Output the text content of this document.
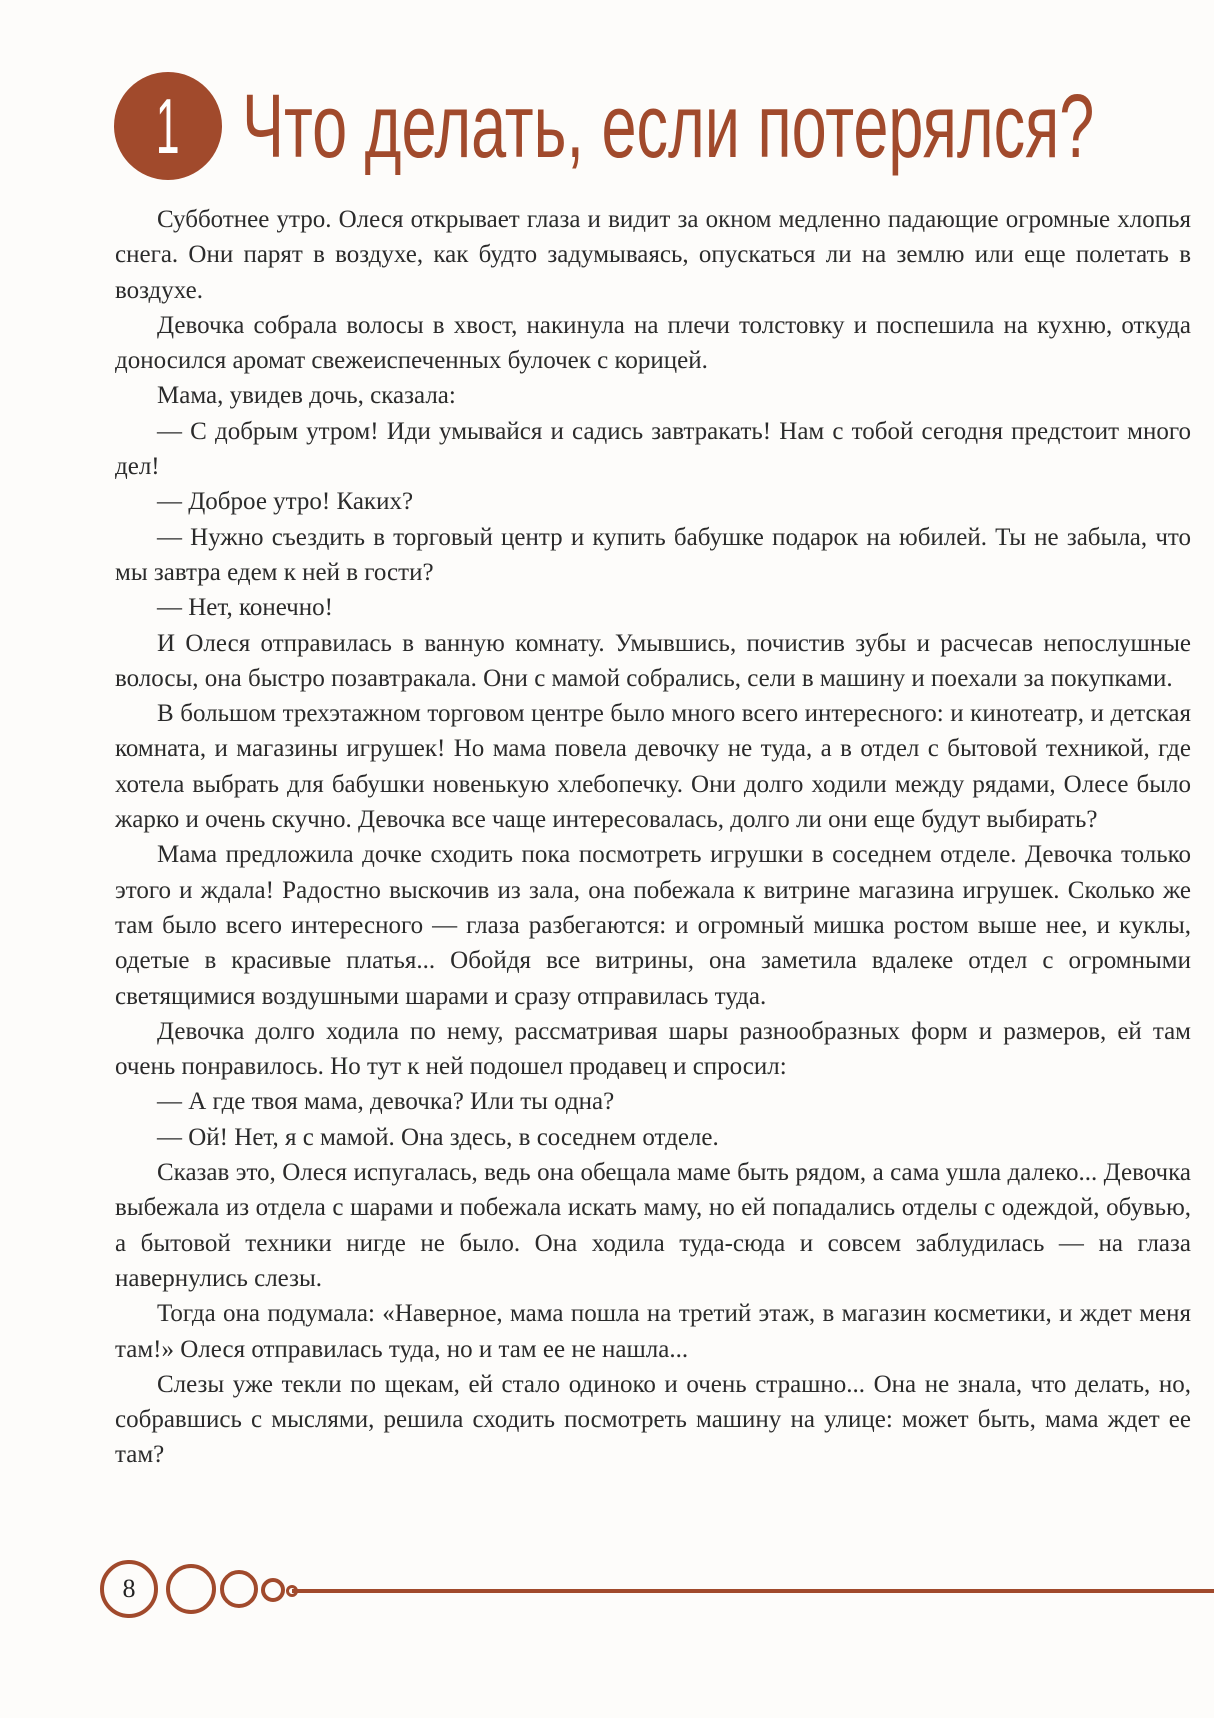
1 Что делать, если потерялся?

Субботнее утро. Олеся открывает глаза и видит за окном медленно падающие огромные хлопья снега. Они парят в воздухе, как будто задумываясь, опускаться ли на землю или еще полетать в воздухе.

Девочка собрала волосы в хвост, накинула на плечи толстовку и поспешила на кухню, откуда доносился аромат свежеиспеченных булочек с корицей.

Мама, увидев дочь, сказала:

— С добрым утром! Иди умывайся и садись завтракать! Нам с тобой сегодня предстоит много дел!

— Доброе утро! Каких?

— Нужно съездить в торговый центр и купить бабушке подарок на юбилей. Ты не забыла, что мы завтра едем к ней в гости?

— Нет, конечно!

И Олеся отправилась в ванную комнату. Умывшись, почистив зубы и расчесав непослушные волосы, она быстро позавтракала. Они с мамой собрались, сели в машину и поехали за покупками.

В большом трехэтажном торговом центре было много всего интересного: и кинотеатр, и детская комната, и магазины игрушек! Но мама повела девочку не туда, а в отдел с бытовой техникой, где хотела выбрать для бабушки новенькую хлебопечку. Они долго ходили между рядами, Олесе было жарко и очень скучно. Девочка все чаще интересовалась, долго ли они еще будут выбирать?

Мама предложила дочке сходить пока посмотреть игрушки в соседнем отделе. Девочка только этого и ждала! Радостно выскочив из зала, она побежала к витрине магазина игрушек. Сколько же там было всего интересного — глаза разбегаются: и огромный мишка ростом выше нее, и куклы, одетые в красивые платья... Обойдя все витрины, она заметила вдалеке отдел с огромными светящимися воздушными шарами и сразу отправилась туда.

Девочка долго ходила по нему, рассматривая шары разнообразных форм и размеров, ей там очень понравилось. Но тут к ней подошел продавец и спросил:

— А где твоя мама, девочка? Или ты одна?

— Ой! Нет, я с мамой. Она здесь, в соседнем отделе.

Сказав это, Олеся испугалась, ведь она обещала маме быть рядом, а сама ушла далеко... Девочка выбежала из отдела с шарами и побежала искать маму, но ей попадались отделы с одеждой, обувью, а бытовой техники нигде не было. Она ходила туда-сюда и совсем заблудилась — на глаза навернулись слезы.

Тогда она подумала: «Наверное, мама пошла на третий этаж, в магазин косметики, и ждет меня там!» Олеся отправилась туда, но и там ее не нашла...

Слезы уже текли по щекам, ей стало одиноко и очень страшно... Она не знала, что делать, но, собравшись с мыслями, решила сходить посмотреть машину на улице: может быть, мама ждет ее там?

8
